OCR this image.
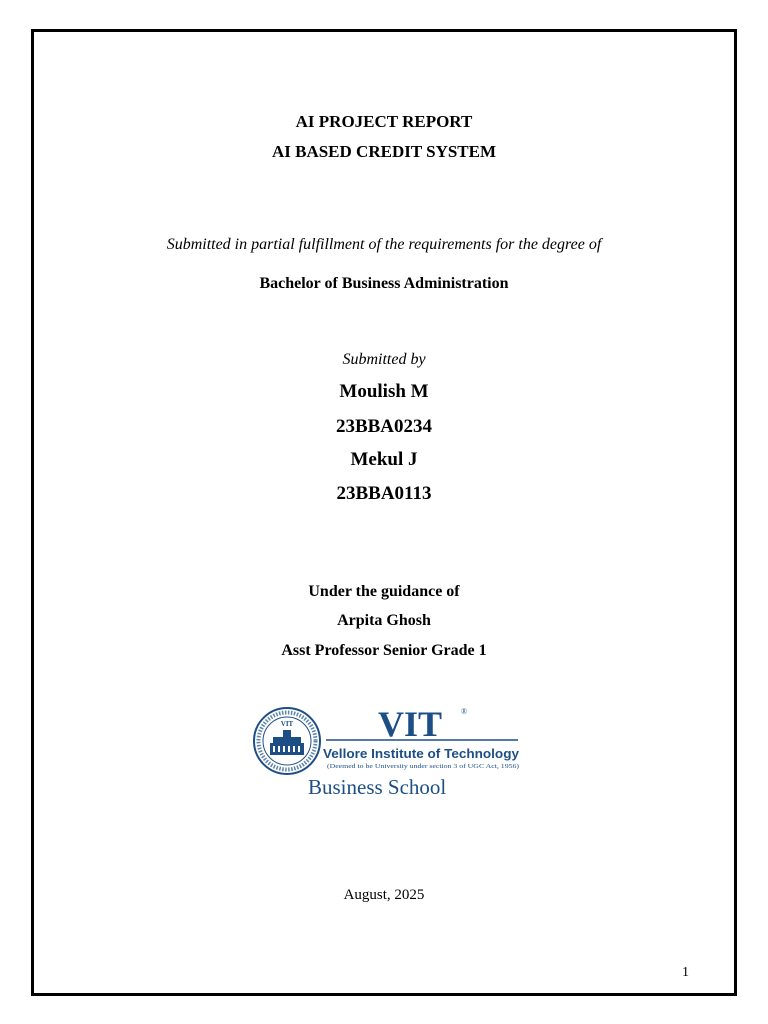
AI PROJECT REPORT
AI BASED CREDIT SYSTEM
Submitted in partial fulfillment of the requirements for the degree of
Bachelor of Business Administration
Submitted by
Moulish M
23BBA0234
Mekul J
23BBA0113
Under the guidance of
Arpita Ghosh
Asst Professor Senior Grade 1
VIT VIT ®
Vellore Institute of Technology
(Deemed to be University under section 3 of UGC Act, 1956)
Business School
August, 2025
1
